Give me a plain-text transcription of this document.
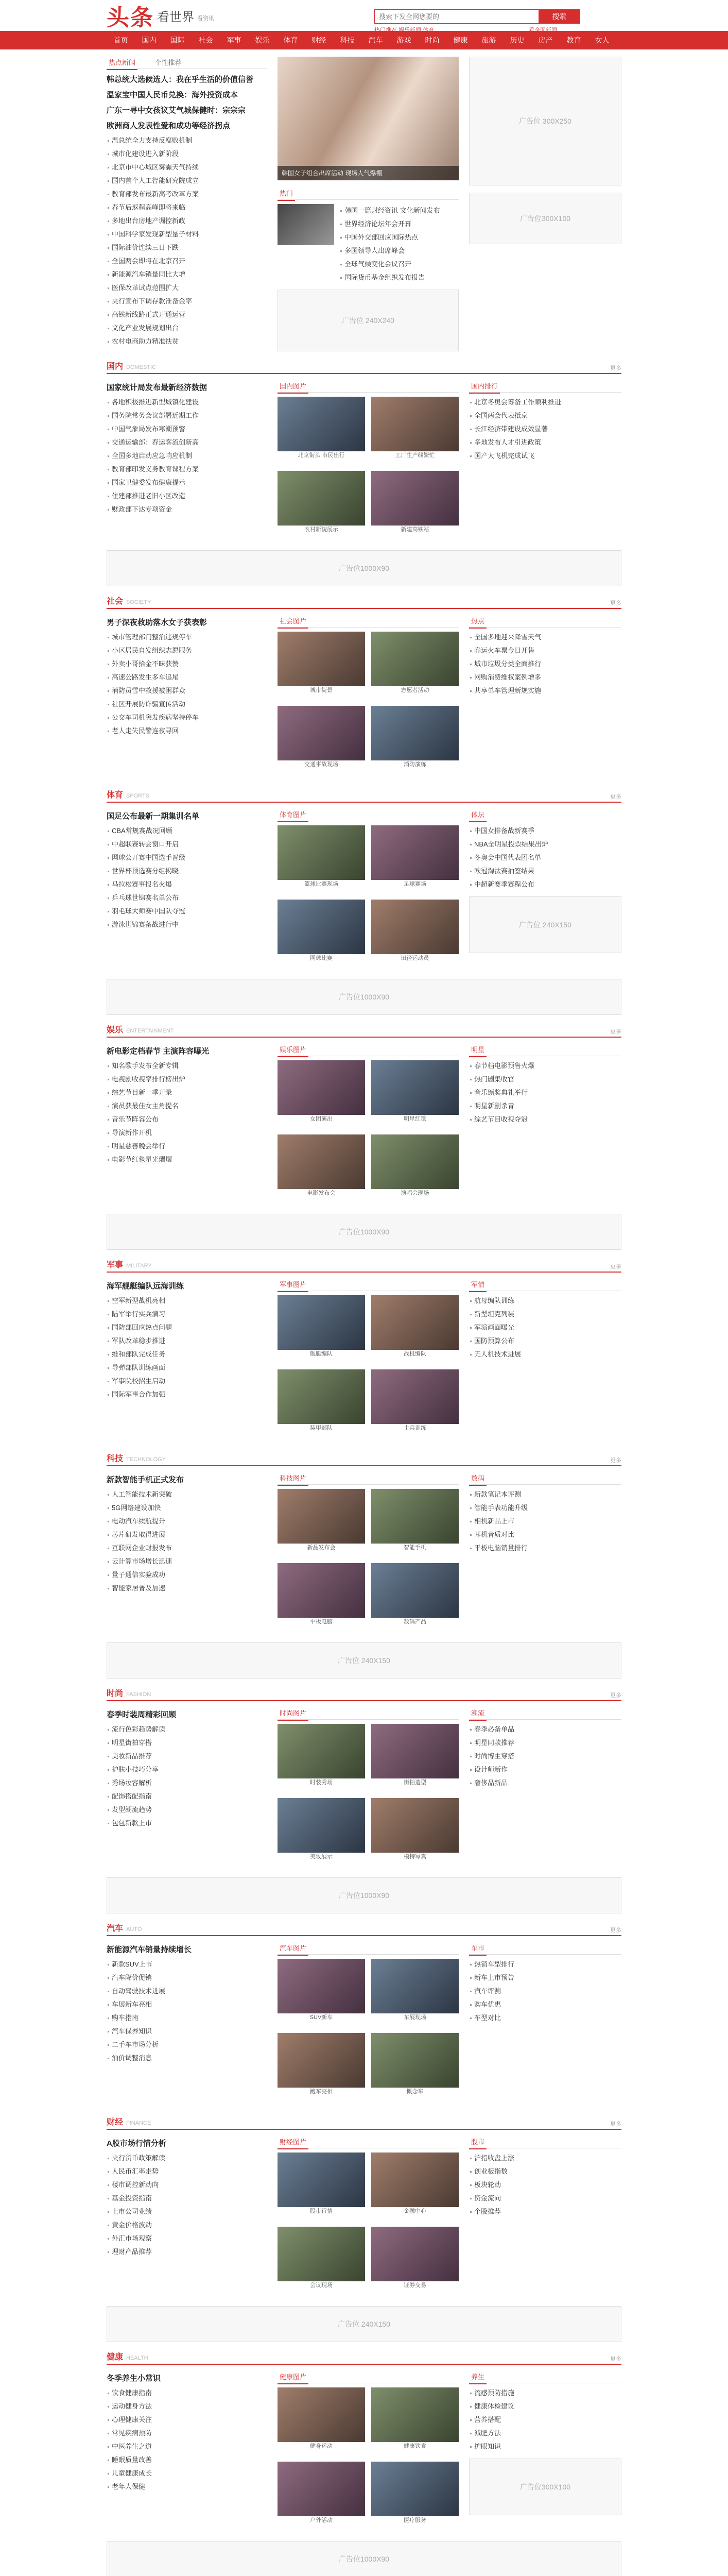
头条 看世界 看资讯
搜索下发全网您要的	搜索
热门推荐 娱乐新闻 体育	看全网新闻
首页	国内	国际	社会	军事	娱乐	体育	财经	科技	汽车	游戏	时尚	健康	旅游	历史	房产	教育	女人
热点新闻	个性推荐
韩总统大选候选人：我在乎生活的价值信誉
温家宝中国人民币兑换：海外投资成本
广东一寻中女孩议艾气城保健时：宗宗宗
欧洲商人发表性爱和成功等经济拐点
温总统全力支持反腐败机制
城市化建设进入新阶段
北京市中心城区雾霾天气持续
国内首个人工智能研究院成立
教育部发布最新高考改革方案
春节后返程高峰即将来临
多地出台房地产调控新政
中国科学家发现新型量子材料
国际油价连续三日下跌
全国两会即将在北京召开
新能源汽车销量同比大增
医保改革试点范围扩大
央行宣布下调存款准备金率
高铁新线路正式开通运营
文化产业发展规划出台
农村电商助力精准扶贫
韩国女子组合出席活动 现场人气爆棚
热门
韩国一篇财经资讯 文化新闻发布
世界经济论坛年会开幕
中国外交部回应国际热点
多国领导人出席峰会
全球气候变化会议召开
国际货币基金组织发布报告
广告位 240X240
广告位 300X250
广告位300X100
国内 DOMESTIC	更多
国家统计局发布最新经济数据
各地积极推进新型城镇化建设
国务院常务会议部署近期工作
中国气象局发布寒潮预警
交通运输部：春运客流创新高
全国多地启动应急响应机制
教育部印发义务教育课程方案
国家卫健委发布健康提示
住建部推进老旧小区改造
财政部下达专项资金
国内图片
北京街头 市民出行	工厂生产线繁忙
农村新貌展示	新建高铁站
国内排行
北京冬奥会筹备工作顺利推进
全国两会代表抵京
长江经济带建设成效显著
多地发布人才引进政策
国产大飞机完成试飞
广告位1000X90
社会 SOCIETY	更多
男子深夜救助落水女子获表彰
城市管理部门整治违规停车
小区居民自发组织志愿服务
外卖小哥拾金不昧获赞
高速公路发生多车追尾
消防员雪中救援被困群众
社区开展防诈骗宣传活动
公交车司机突发疾病坚持停车
老人走失民警连夜寻回
社会图片
城市街景	志愿者活动
交通事故现场	消防演练
热点
全国多地迎来降雪天气
春运火车票今日开售
城市垃圾分类全面推行
网购消费维权案例增多
共享单车管理新规实施
体育 SPORTS	更多
国足公布最新一期集训名单
CBA常规赛战况回顾
中超联赛转会窗口开启
网球公开赛中国选手晋级
世界杯预选赛分组揭晓
马拉松赛事报名火爆
乒乓球世锦赛名单公布
羽毛球大师赛中国队夺冠
游泳世锦赛备战进行中
体育图片
篮球比赛现场	足球赛场
网球比赛	田径运动员
体坛
中国女排备战新赛季
NBA全明星投票结果出炉
冬奥会中国代表团名单
欧冠淘汰赛抽签结果
中超新赛季赛程公布
广告位 240X150
广告位1000X90
娱乐 ENTERTAINMENT	更多
新电影定档春节 主演阵容曝光
知名歌手发布全新专辑
电视剧收视率排行榜出炉
综艺节目新一季开录
演员获最佳女主角提名
音乐节阵容公布
导演新作开机
明星慈善晚会举行
电影节红毯星光熠熠
娱乐图片
女团演出	明星红毯
电影发布会	演唱会现场
明星
春节档电影预售火爆
热门剧集收官
音乐颁奖典礼举行
明星新剧杀青
综艺节目收视夺冠
广告位1000X90
军事 MILITARY	更多
海军舰艇编队远海训练
空军新型战机亮相
陆军举行实兵演习
国防部回应热点问题
军队改革稳步推进
维和部队完成任务
导弹部队训练画面
军事院校招生启动
国际军事合作加强
军事图片
舰艇编队	战机编队
装甲部队	士兵训练
军情
航母编队训练
新型坦克列装
军演画面曝光
国防预算公布
无人机技术进展
科技 TECHNOLOGY	更多
新款智能手机正式发布
人工智能技术新突破
5G网络建设加快
电动汽车续航提升
芯片研发取得进展
互联网企业财报发布
云计算市场增长迅速
量子通信实验成功
智能家居普及加速
科技图片
新品发布会	智能手机
平板电脑	数码产品
数码
新款笔记本评测
智能手表功能升级
相机新品上市
耳机音质对比
平板电脑销量排行
广告位 240X150
时尚 FASHION	更多
春季时装周精彩回顾
流行色彩趋势解读
明星街拍穿搭
美妆新品推荐
护肤小技巧分享
秀场妆容解析
配饰搭配指南
发型潮流趋势
包包新款上市
时尚图片
时装秀场	街拍造型
美妆展示	模特写真
潮流
春季必备单品
明星同款推荐
时尚博主穿搭
设计师新作
奢侈品新品
广告位1000X90
汽车 AUTO	更多
新能源汽车销量持续增长
新款SUV上市
汽车降价促销
自动驾驶技术进展
车展新车亮相
购车指南
汽车保养知识
二手车市场分析
油价调整消息
汽车图片
SUV新车	车展现场
跑车亮相	概念车
车市
热销车型排行
新车上市预告
汽车评测
购车优惠
车型对比
财经 FINANCE	更多
A股市场行情分析
央行货币政策解读
人民币汇率走势
楼市调控新动向
基金投资指南
上市公司业绩
黄金价格波动
外汇市场观察
理财产品推荐
财经图片
股市行情	金融中心
会议现场	证券交易
股市
沪指收盘上涨
创业板指数
板块轮动
资金流向
个股推荐
广告位 240X150
健康 HEALTH	更多
冬季养生小常识
饮食健康指南
运动健身方法
心理健康关注
常见疾病预防
中医养生之道
睡眠质量改善
儿童健康成长
老年人保健
健康图片
健身运动	健康饮食
户外活动	医疗服务
养生
流感预防措施
健康体检建议
营养搭配
减肥方法
护眼知识
广告位300X100
广告位1000X90
